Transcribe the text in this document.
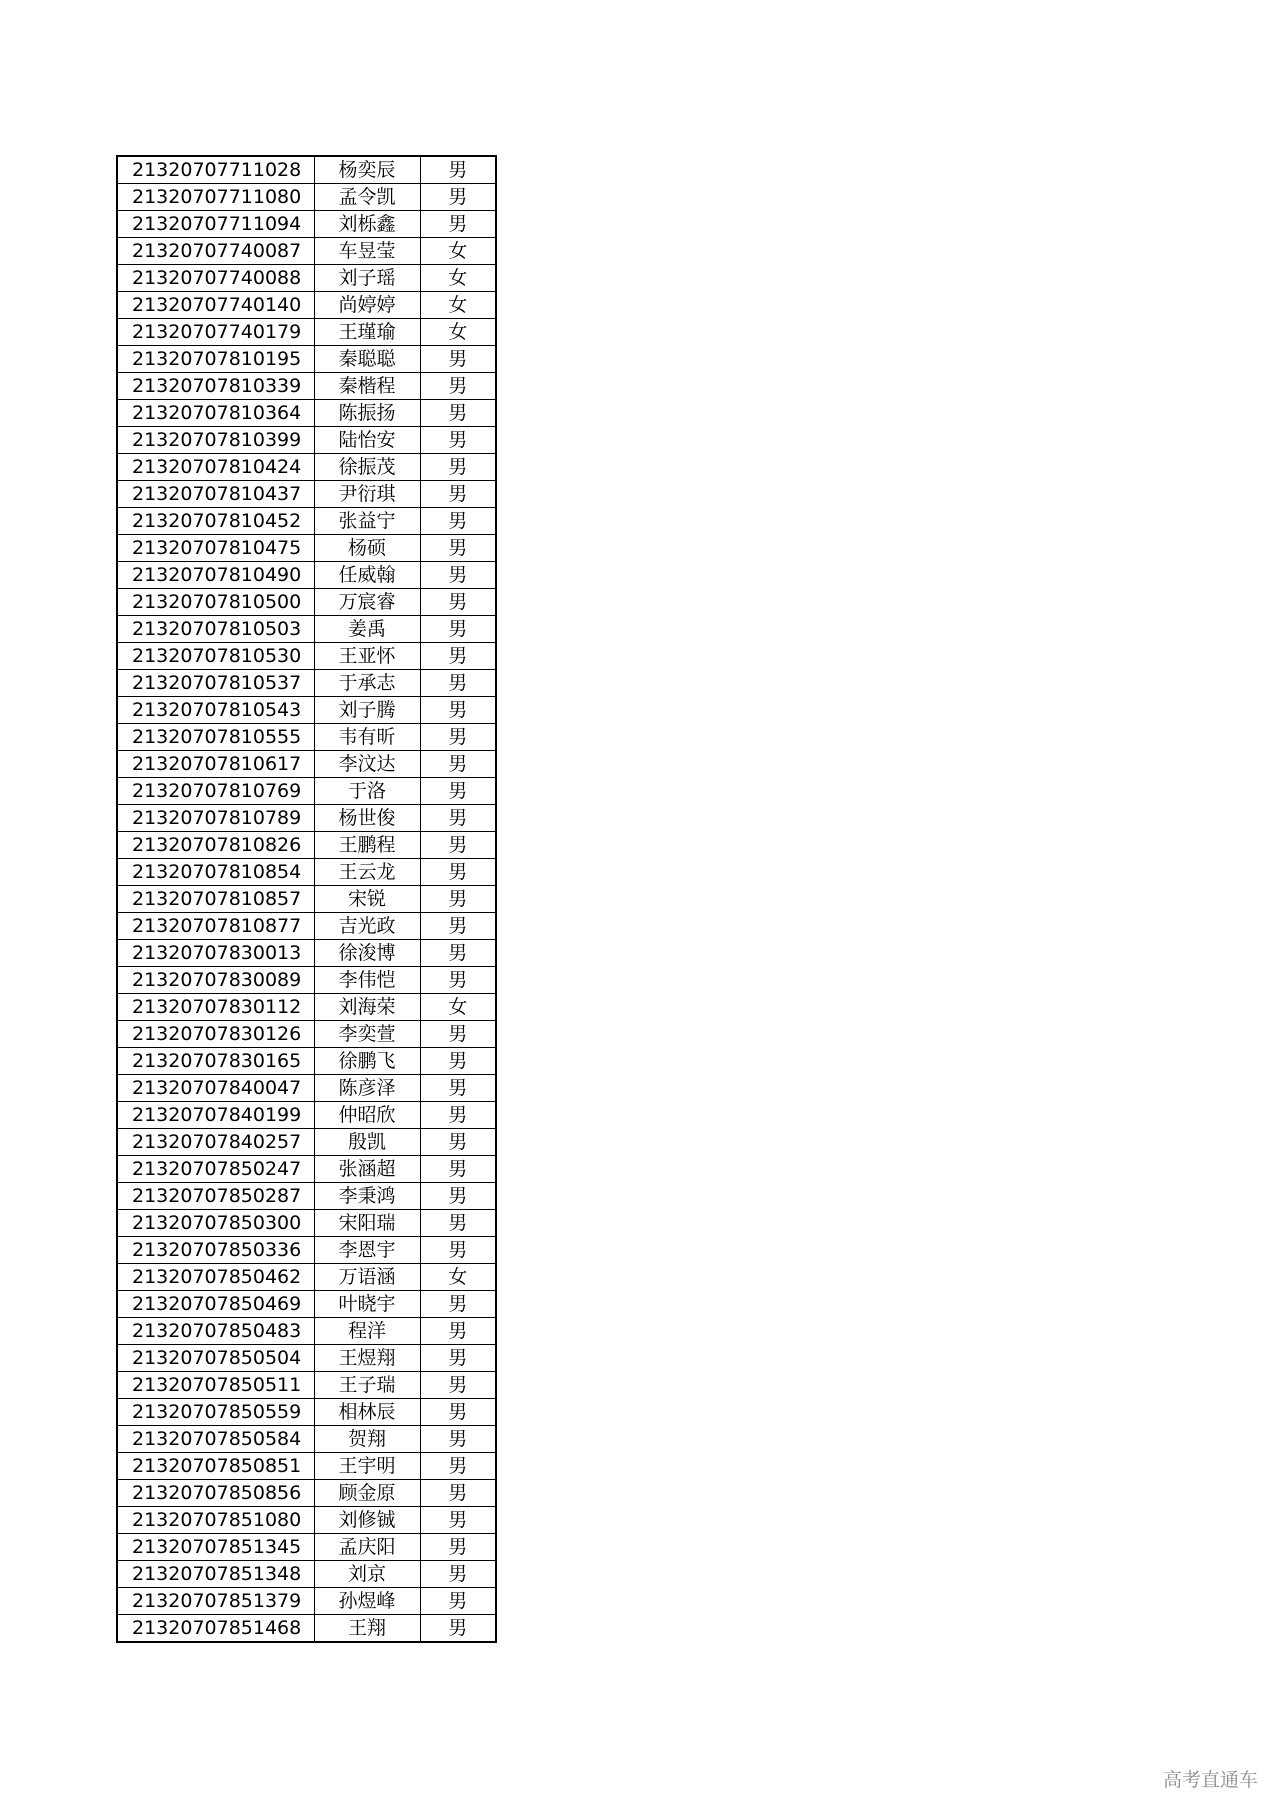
21320707711028	杨奕辰	男
21320707711080	孟令凯	男
21320707711094	刘栎鑫	男
21320707740087	车昱莹	女
21320707740088	刘子瑶	女
21320707740140	尚婷婷	女
21320707740179	王瑾瑜	女
21320707810195	秦聪聪	男
21320707810339	秦楷程	男
21320707810364	陈振扬	男
21320707810399	陆怡安	男
21320707810424	徐振茂	男
21320707810437	尹衍琪	男
21320707810452	张益宁	男
21320707810475	杨硕	男
21320707810490	任威翰	男
21320707810500	万宸睿	男
21320707810503	姜禹	男
21320707810530	王亚怀	男
21320707810537	于承志	男
21320707810543	刘子腾	男
21320707810555	韦有昕	男
21320707810617	李汶达	男
21320707810769	于洛	男
21320707810789	杨世俊	男
21320707810826	王鹏程	男
21320707810854	王云龙	男
21320707810857	宋锐	男
21320707810877	吉光政	男
21320707830013	徐浚博	男
21320707830089	李伟恺	男
21320707830112	刘海荣	女
21320707830126	李奕萱	男
21320707830165	徐鹏飞	男
21320707840047	陈彦泽	男
21320707840199	仲昭欣	男
21320707840257	殷凯	男
21320707850247	张涵超	男
21320707850287	李秉鸿	男
21320707850300	宋阳瑞	男
21320707850336	李恩宇	男
21320707850462	万语涵	女
21320707850469	叶晓宇	男
21320707850483	程洋	男
21320707850504	王煜翔	男
21320707850511	王子瑞	男
21320707850559	相林辰	男
21320707850584	贺翔	男
21320707850851	王宇明	男
21320707850856	顾金原	男
21320707851080	刘修铖	男
21320707851345	孟庆阳	男
21320707851348	刘京	男
21320707851379	孙煜峰	男
21320707851468	王翔	男
高考直通车
